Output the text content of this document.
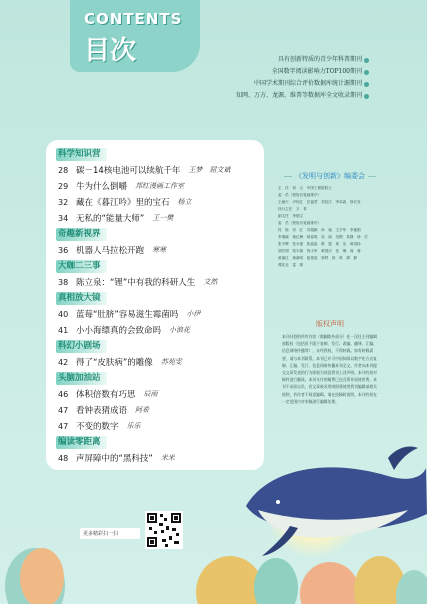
CONTENTS
目次	具有创新特质的青少年科普期刊
全国数字阅读影响力TOP100期刊
中国学术期刊综合评价数据库统计源期刊
知网、万方、龙源、维普等数据库全文收录期刊
科学知识营
28 碳－14核电池可以续航千年 王梦　屈文斌
29 牛为什么倒嚼 邦红漫画工作室
32 藏在《暮江吟》里的宝石 杨立
34 无私的“能量大师” 王一樊
奇趣新视界
36 机器人马拉松开跑 寒寒
大咖二三事
38 陈立泉：“锂”中有我的科研人生 文然
真相放大镜
40 蓝莓“肚脐”容易滋生霉菌吗 小伊
41 小小海缥真的会致命吗 小浪花
科幻小剧场
42 得了“皮肤病”的雕像 苏苑雯
头脑加油站
46 体积倍数有巧思 辰雨
47 看钟表猜成语 阿希
47 不变的数字 乐乐
编读零距离
48 声屏障中的“黑科技” 米米
《发明与创新》编委会
主　任　刘　合　中国工程院院士
委　员（按姓氏笔画排序）
王涌天　尹传红　任福君　刘宜江　李卓森　徐长发
执行主任　万　青
副主任　李儒文
委　员（按姓氏笔画排序）
符　锐　邓　红　冯超颖　孙　驰　王字华　李艳娟
李瑞晓　杨红梅　杨春明　吴　丽　吴钢　易静　徐　宏
张平辉　张永强　张晶晶　陈　霞　周　洁　黄清扬
胡宏明　郭丰蓉　郭小军　黄国庆　佳　琳　周　蓉
黄丽红　黄新明　崔根成　廖轶　蒋　科　谭　静
谭先光　雷　婧
版权声明
本刊刊登的所有内容（除删除外部分）任一汉任主刊编辑部版权（包括但不限于复制、发行、改编、翻译、汇编、信息网络传播等），未经授权，不得转载。如有转载需要，请与本刊联系。本刊已许可中国知网以数字化方式复制、汇编、发行、信息网络传播本刊全文。作者向本刊提交文章发表的行为即视为同意我刊上述声明。本刊有权对稿件进行删改。本刊支付的稿费已包含著作权使用费。本刊不承担自负，若文章被采用则即将使用我刊编辑部相关规则，若作者不同意编辑，请在投稿时说明。本刊有权在一定范围内对来稿进行编辑处理。
更多精彩扫一扫
